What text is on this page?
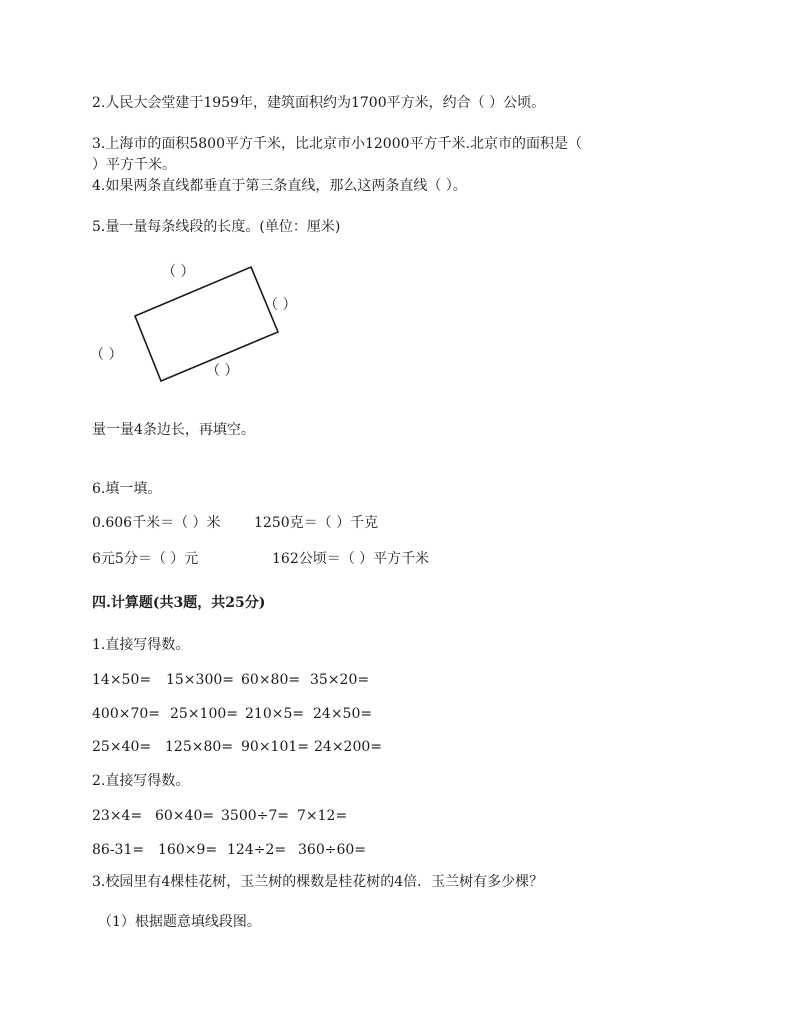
2.人民大会堂建于1959年，建筑面积约为1700平方米，约合（ ）公顷。
3.上海市的面积5800平方千米，比北京市小12000平方千米.北京市的面积是（
）平方千米。
4.如果两条直线都垂直于第三条直线，那么这两条直线（ ）。
5.量一量每条线段的长度。(单位：厘米)
（ ）
（ ）
（ ）
（ ）
量一量4条边长，再填空。
6.填一填。
0.606千米＝（ ）米 1250克＝（ ）千克
6元5分＝（ ）元	162公顷＝（ ）平方千米
四.计算题(共3题，共25分)
1.直接写得数。
14×50= 15×300= 60×80= 35×20=
400×70= 25×100= 210×5= 24×50=
25×40= 125×80= 90×101= 24×200=
2.直接写得数。
23×4= 60×40= 3500÷7= 7×12=
86-31= 160×9= 124÷2= 360÷60=
3.校园里有4棵桂花树，玉兰树的棵数是桂花树的4倍．玉兰树有多少棵？
（1）根据题意填线段图。
